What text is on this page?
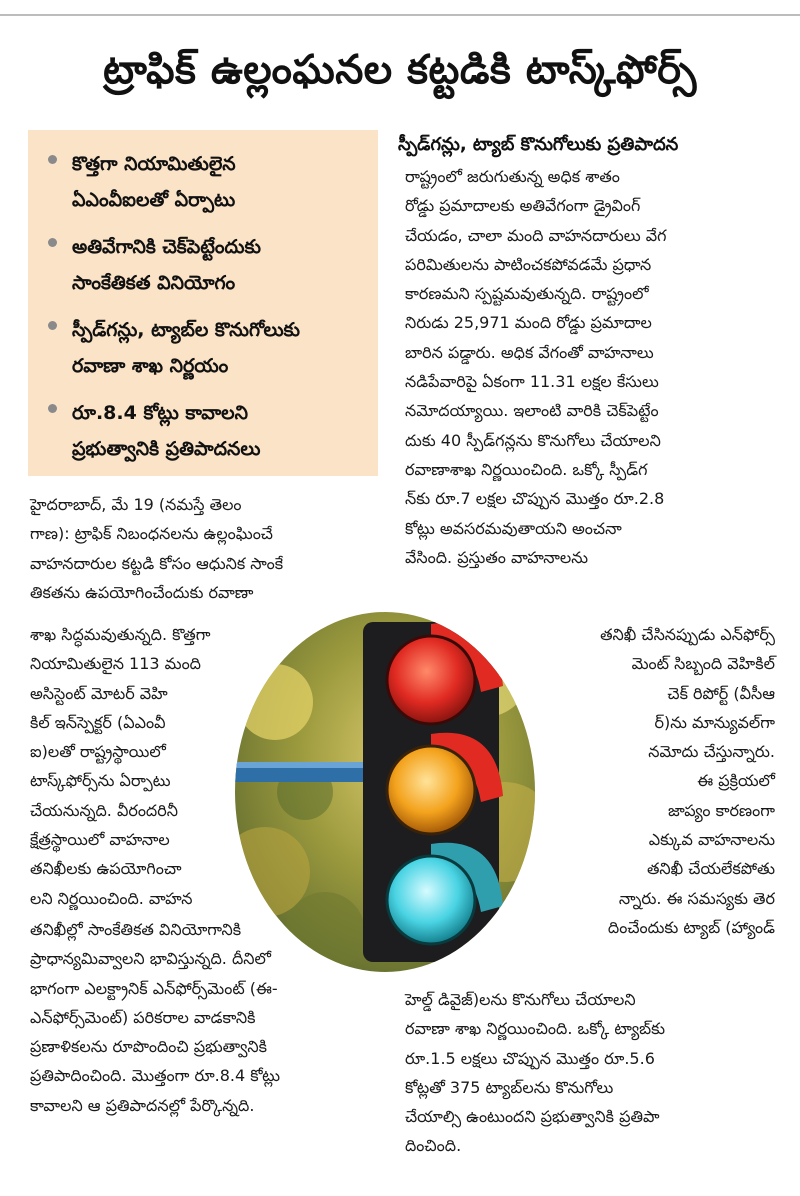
ట్రాఫిక్ ఉల్లంఘనల కట్టడికి టాస్క్‌ఫోర్స్
కొత్తగా నియామితులైన
ఏఎంవీఐలతో ఏర్పాటు
అతివేగానికి చెక్‌పెట్టేందుకు
సాంకేతికత వినియోగం
స్పీడ్‌గన్లు, ట్యాబ్‌ల కొనుగోలుకు
రవాణా శాఖ నిర్ణయం
రూ.8.4 కోట్లు కావాలని
ప్రభుత్వానికి ప్రతిపాదనలు
హైదరాబాద్, మే 19 (నమస్తే తెలం
గాణ): ట్రాఫిక్ నిబంధనలను ఉల్లంఘించే
వాహనదారుల కట్టడి కోసం ఆధునిక సాంకే
తికతను ఉపయోగించేందుకు రవాణా
శాఖ సిద్ధమవుతున్నది. కొత్తగా
నియామితులైన 113 మంది
అసిస్టెంట్ మోటర్ వెహి
కిల్ ఇన్‌స్పెక్టర్ (ఏఎంవీ
ఐ)లతో రాష్ట్రస్థాయిలో
టాస్క్‌ఫోర్స్‌ను ఏర్పాటు
చేయనున్నది. వీరందరినీ
క్షేత్రస్థాయిలో వాహనాల
తనిఖీలకు ఉపయోగించా
లని నిర్ణయించింది. వాహన
తనిఖీల్లో సాంకేతికత వినియోగానికి
ప్రాధాన్యమివ్వాలని భావిస్తున్నది. దీనిలో
భాగంగా ఎలక్ట్రానిక్ ఎన్‌ఫోర్స్‌మెంట్ (ఈ-
ఎన్‌ఫోర్స్‌మెంట్) పరికరాల వాడకానికి
ప్రణాళికలను రూపొందించి ప్రభుత్వానికి
ప్రతిపాదించింది. మొత్తంగా రూ.8.4 కోట్లు
కావాలని ఆ ప్రతిపాదనల్లో పేర్కొన్నది.
స్పీడ్‌గన్లు, ట్యాబ్ కొనుగోలుకు ప్రతిపాదన
రాష్ట్రంలో జరుగుతున్న అధిక శాతం
రోడ్డు ప్రమాదాలకు అతివేగంగా డ్రైవింగ్
చేయడం, చాలా మంది వాహనదారులు వేగ
పరిమితులను పాటించకపోవడమే ప్రధాన
కారణమని స్పష్టమవుతున్నది. రాష్ట్రంలో
నిరుడు 25,971 మంది రోడ్డు ప్రమాదాల
బారిన పడ్డారు. అధిక వేగంతో వాహనాలు
నడిపేవారిపై ఏకంగా 11.31 లక్షల కేసులు
నమోదయ్యాయి. ఇలాంటి వారికి చెక్‌పెట్టేం
దుకు 40 స్పీడ్‌గన్లను కొనుగోలు చేయాలని
రవాణాశాఖ నిర్ణయించింది. ఒక్కో స్పీడ్‌గ
న్‌కు రూ.7 లక్షల చొప్పున మొత్తం రూ.2.8
కోట్లు అవసరమవుతాయని అంచనా
వేసింది. ప్రస్తుతం వాహనాలను
తనిఖీ చేసినప్పుడు ఎన్‌ఫోర్స్
మెంట్ సిబ్బంది వెహికిల్
చెక్ రిపోర్ట్ (వీసీఆ
ర్)ను మాన్యువల్‌గా
నమోదు చేస్తున్నారు.
ఈ ప్రక్రియలో
జాప్యం కారణంగా
ఎక్కువ వాహనాలను
తనిఖీ చేయలేకపోతు
న్నారు. ఈ సమస్యకు తెర
దించేందుకు ట్యాబ్ (హ్యాండ్
హెల్డ్ డివైజ్)లను కొనుగోలు చేయాలని
రవాణా శాఖ నిర్ణయించింది. ఒక్కో ట్యాబ్‌కు
రూ.1.5 లక్షలు చొప్పున మొత్తం రూ.5.6
కోట్లతో 375 ట్యాబ్‌లను కొనుగోలు
చేయాల్సి ఉంటుందని ప్రభుత్వానికి ప్రతిపా
దించింది.
